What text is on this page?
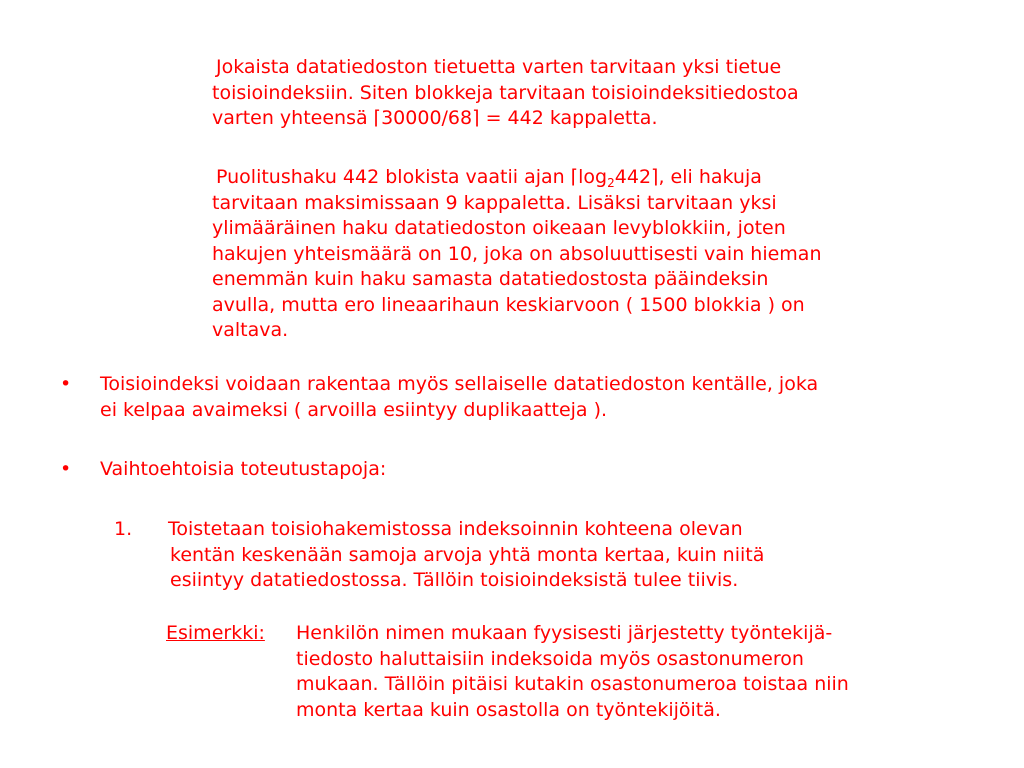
Jokaista datatiedoston tietuetta varten tarvitaan yksi tietue
toisioindeksiin. Siten blokkeja tarvitaan toisioindeksitiedostoa
varten yhteensä ⌈30000/68⌉ = 442 kappaletta.
Puolitushaku 442 blokista vaatii ajan $⌈\log_2442⌉$, eli hakuja
tarvitaan maksimissaan 9 kappaletta. Lisäksi tarvitaan yksi
ylimääräinen haku datatiedoston oikeaan levyblokkiin, joten
hakujen yhteismäärä on 10, joka on absoluuttisesti vain hieman
enemmän kuin haku samasta datatiedostosta pääindeksin
avulla, mutta ero lineaarihaun keskiarvoon ( 1500 blokkia ) on
valtava.
•	Toisioindeksi voidaan rakentaa myös sellaiselle datatiedoston kentälle, joka
ei kelpaa avaimeksi ( arvoilla esiintyy duplikaatteja ).
•	Vaihtoehtoisia toteutustapoja:
1. Toistetaan toisiohakemistossa indeksoinnin kohteena olevan
kentän keskenään samoja arvoja yhtä monta kertaa, kuin niitä
esiintyy datatiedostossa. Tällöin toisioindeksistä tulee tiivis.
Esimerkki: Henkilön nimen mukaan fyysisesti järjestetty työntekijä-
tiedosto haluttaisiin indeksoida myös osastonumeron
mukaan. Tällöin pitäisi kutakin osastonumeroa toistaa niin
monta kertaa kuin osastolla on työntekijöitä.
